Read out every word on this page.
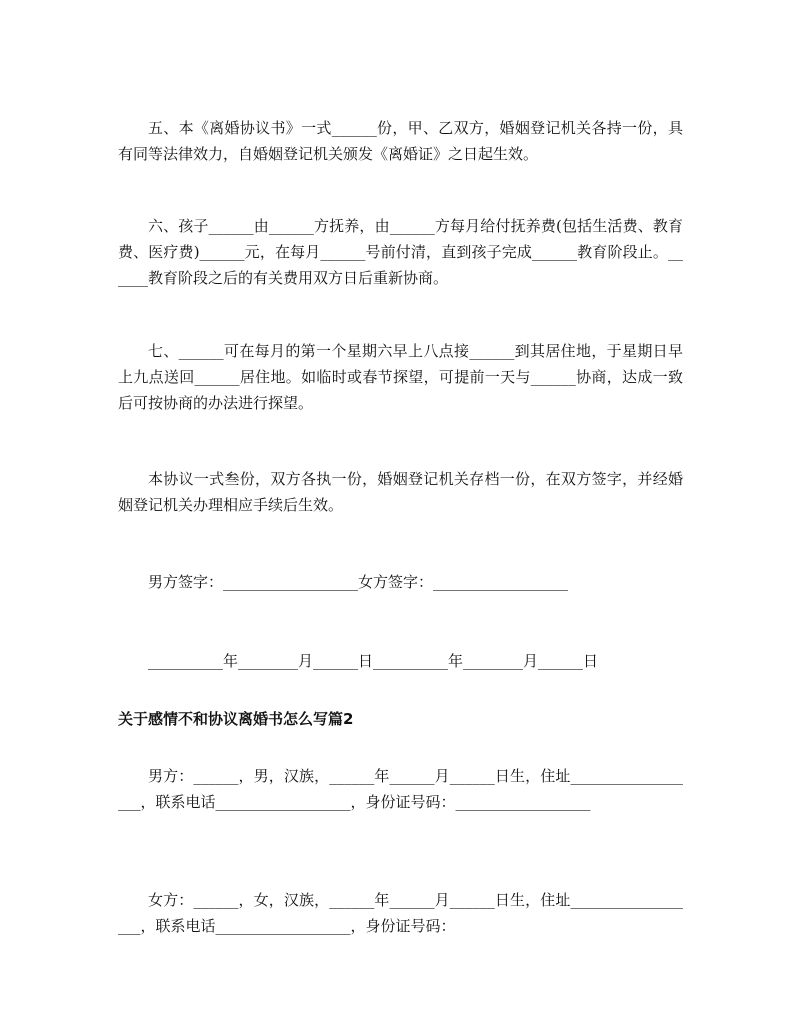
五、本《离婚协议书》一式______份，甲、乙双方，婚姻登记机关各持一份，具有同等法律效力，自婚姻登记机关颁发《离婚证》之日起生效。

六、孩子______由______方抚养，由______方每月给付抚养费(包括生活费、教育费、医疗费)______元，在每月______号前付清，直到孩子完成______教育阶段止。______教育阶段之后的有关费用双方日后重新协商。

七、______可在每月的第一个星期六早上八点接______到其居住地，于星期日早上九点送回______居住地。如临时或春节探望，可提前一天与______协商，达成一致后可按协商的办法进行探望。

本协议一式叁份，双方各执一份，婚姻登记机关存档一份，在双方签字，并经婚姻登记机关办理相应手续后生效。

男方签字：__________________女方签字：__________________

__________年________月______日__________年________月______日

关于感情不和协议离婚书怎么写篇2

男方：______，男，汉族，______年______月______日生，住址__________________，联系电话__________________，身份证号码：__________________

女方：______，女，汉族，______年______月______日生，住址__________________，联系电话__________________，身份证号码：
